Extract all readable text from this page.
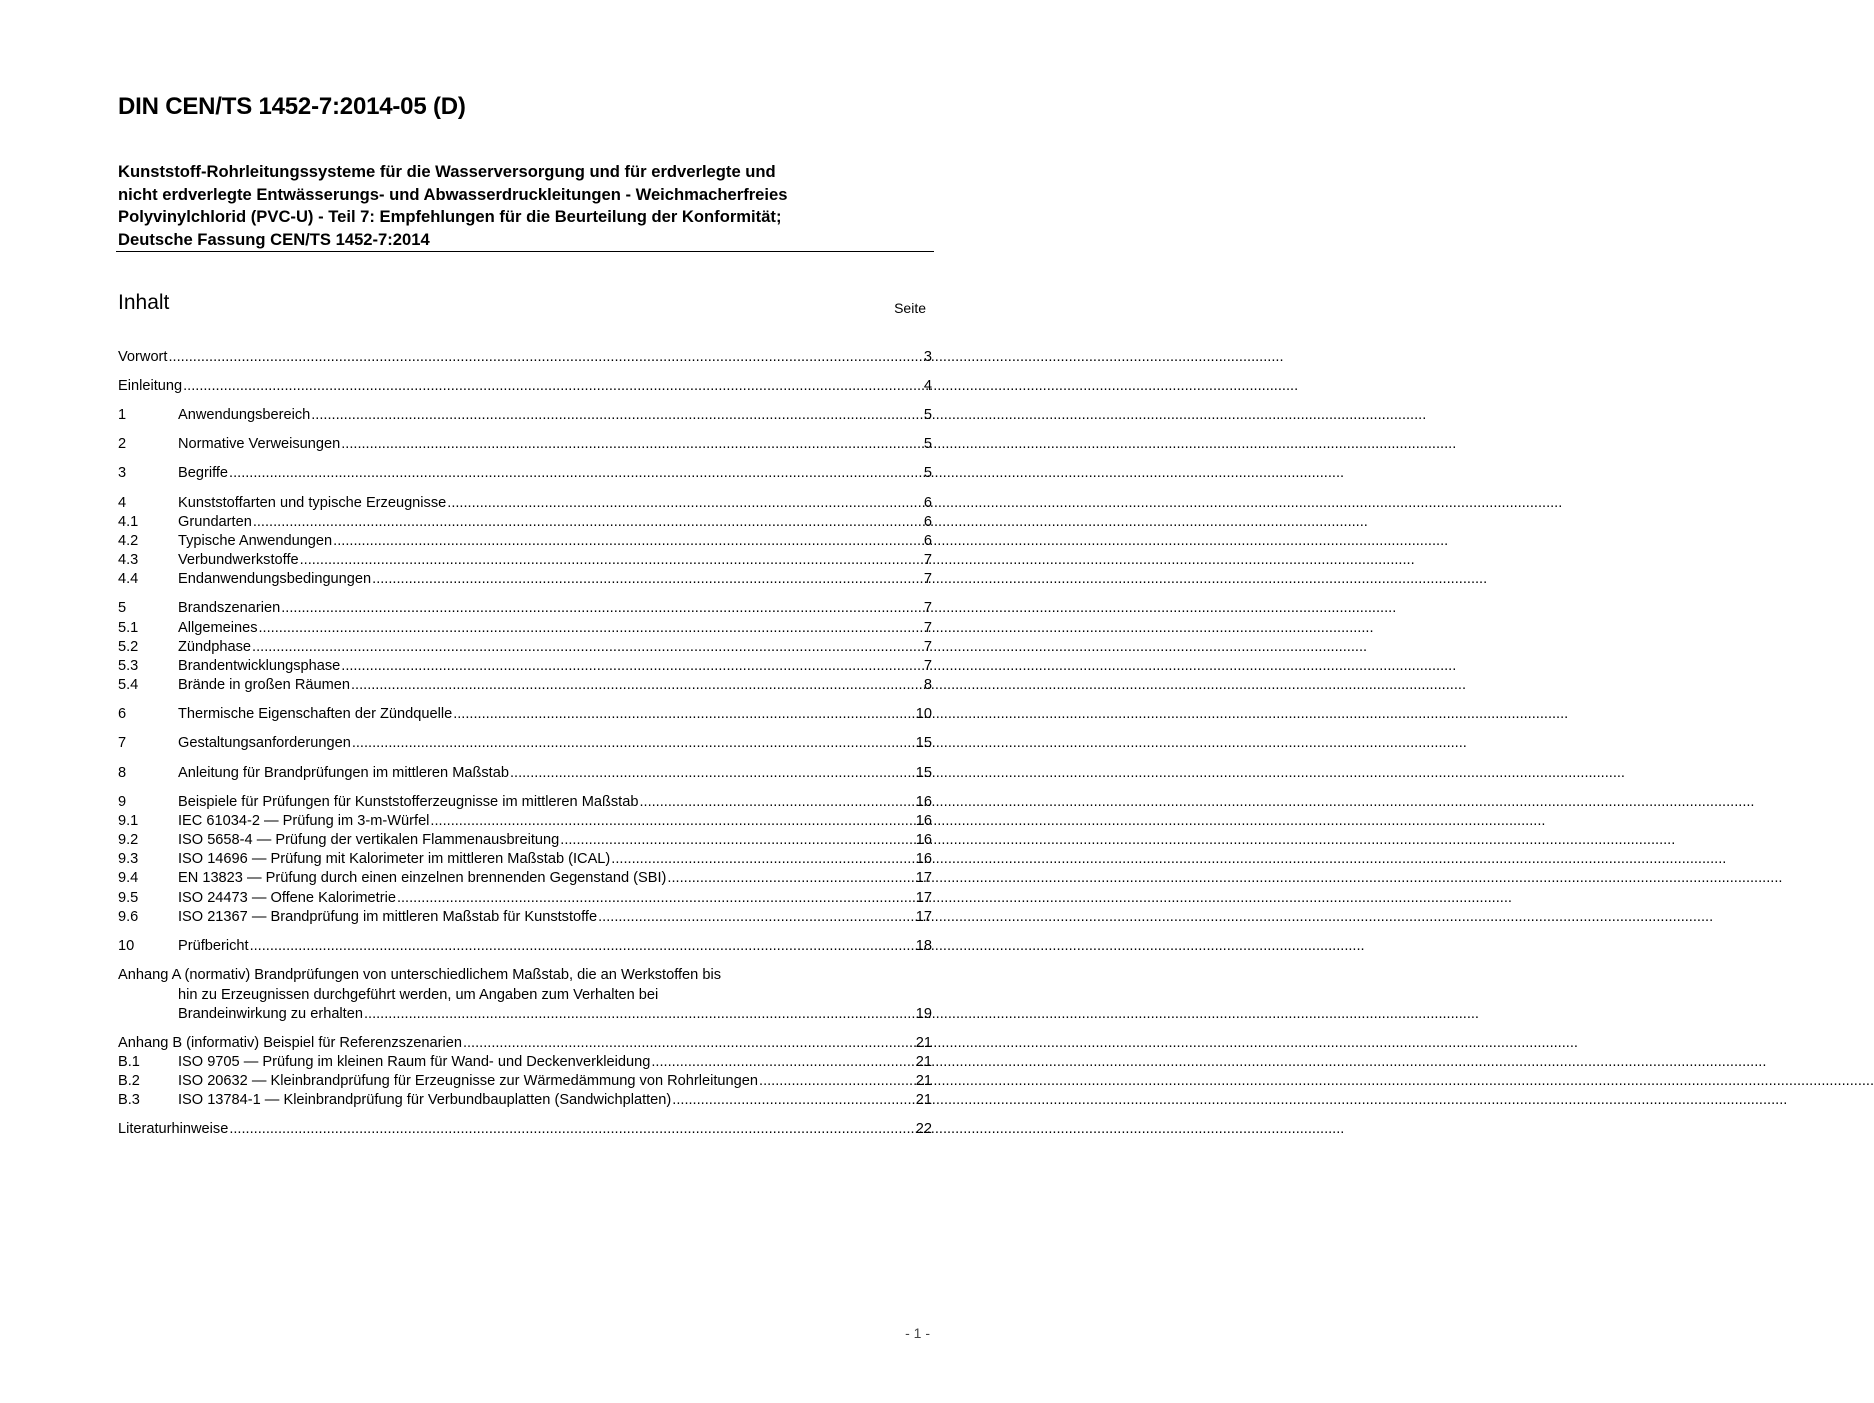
DIN CEN/TS 1452-7:2014-05 (D)
Kunststoff-Rohrleitungssysteme für die Wasserversorgung und für erdverlegte und
nicht erdverlegte Entwässerungs- und Abwasserdruckleitungen - Weichmacherfreies
Polyvinylchlorid (PVC-U) - Teil 7: Empfehlungen für die Beurteilung der Konformität;
Deutsche Fassung CEN/TS 1452-7:2014
Inhalt	Seite
Vorwort .....	3
Einleitung .....	4
1	Anwendungsbereich .....	5
2	Normative Verweisungen .....	5
3	Begriffe .....	5
4	Kunststoffarten und typische Erzeugnisse .....	6
4.1	Grundarten .....	6
4.2	Typische Anwendungen .....	6
4.3	Verbundwerkstoffe .....	7
4.4	Endanwendungsbedingungen .....	7
5	Brandszenarien .....	7
5.1	Allgemeines .....	7
5.2	Zündphase .....	7
5.3	Brandentwicklungsphase .....	7
5.4	Brände in großen Räumen .....	8
6	Thermische Eigenschaften der Zündquelle .....	10
7	Gestaltungsanforderungen .....	15
8	Anleitung für Brandprüfungen im mittleren Maßstab .....	15
9	Beispiele für Prüfungen für Kunststofferzeugnisse im mittleren Maßstab .....	16
9.1	IEC 61034-2 — Prüfung im 3-m-Würfel .....	16
9.2	ISO 5658-4 — Prüfung der vertikalen Flammenausbreitung .....	16
9.3	ISO 14696 — Prüfung mit Kalorimeter im mittleren Maßstab (ICAL) .....	16
9.4	EN 13823 — Prüfung durch einen einzelnen brennenden Gegenstand (SBI) .....	17
9.5	ISO 24473 — Offene Kalorimetrie .....	17
9.6	ISO 21367 — Brandprüfung im mittleren Maßstab für Kunststoffe .....	17
10	Prüfbericht .....	18
Anhang A (normativ) Brandprüfungen von unterschiedlichem Maßstab, die an Werkstoffen bis
hin zu Erzeugnissen durchgeführt werden, um Angaben zum Verhalten bei
Brandeinwirkung zu erhalten .....	19
Anhang B (informativ) Beispiel für Referenzszenarien .....	21
B.1	ISO 9705 — Prüfung im kleinen Raum für Wand- und Deckenverkleidung .....	21
B.2	ISO 20632 — Kleinbrandprüfung für Erzeugnisse zur Wärmedämmung von Rohrleitungen .....	21
B.3	ISO 13784-1 — Kleinbrandprüfung für Verbundbauplatten (Sandwichplatten) .....	21
Literaturhinweise .....	22
- 1 -
